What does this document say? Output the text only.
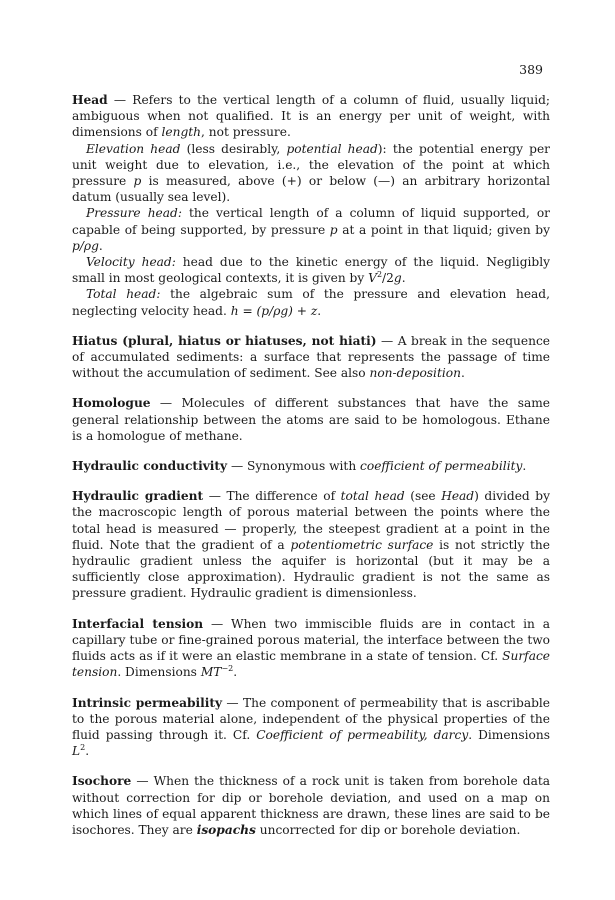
389

Head — Refers to the vertical length of a column of fluid, usually liquid; ambiguous when not qualified. It is an energy per unit of weight, with dimensions of length, not pressure.

Elevation head (less desirably, potential head): the potential energy per unit weight due to elevation, i.e., the elevation of the point at which pressure p is measured, above (+) or below (—) an arbitrary horizontal datum (usually sea level).

Pressure head: the vertical length of a column of liquid supported, or capable of being supported, by pressure p at a point in that liquid; given by p/ρg.

Velocity head: head due to the kinetic energy of the liquid. Negligibly small in most geological contexts, it is given by $V^2/2g$.

Total head: the algebraic sum of the pressure and elevation head, neglecting velocity head. h = (p/ρg) + z.

Hiatus (plural, hiatus or hiatuses, not hiati) — A break in the sequence of accumulated sediments: a surface that represents the passage of time without the accumulation of sediment. See also non-deposition.

Homologue — Molecules of different substances that have the same general relationship between the atoms are said to be homologous. Ethane is a homologue of methane.

Hydraulic conductivity — Synonymous with coefficient of permeability.

Hydraulic gradient — The difference of total head (see Head) divided by the macroscopic length of porous material between the points where the total head is measured — properly, the steepest gradient at a point in the fluid. Note that the gradient of a potentiometric surface is not strictly the hydraulic gradient unless the aquifer is horizontal (but it may be a sufficiently close approximation). Hydraulic gradient is not the same as pressure gradient. Hydraulic gradient is dimensionless.

Interfacial tension — When two immiscible fluids are in contact in a capillary tube or fine-grained porous material, the interface between the two fluids acts as if it were an elastic membrane in a state of tension. Cf. Surface tension. Dimensions $MT^{-2}$.

Intrinsic permeability — The component of permeability that is ascribable to the porous material alone, independent of the physical properties of the fluid passing through it. Cf. Coefficient of permeability, darcy. Dimensions $L^2$.

Isochore — When the thickness of a rock unit is taken from borehole data without correction for dip or borehole deviation, and used on a map on which lines of equal apparent thickness are drawn, these lines are said to be isochores. They are isopachs uncorrected for dip or borehole deviation.
